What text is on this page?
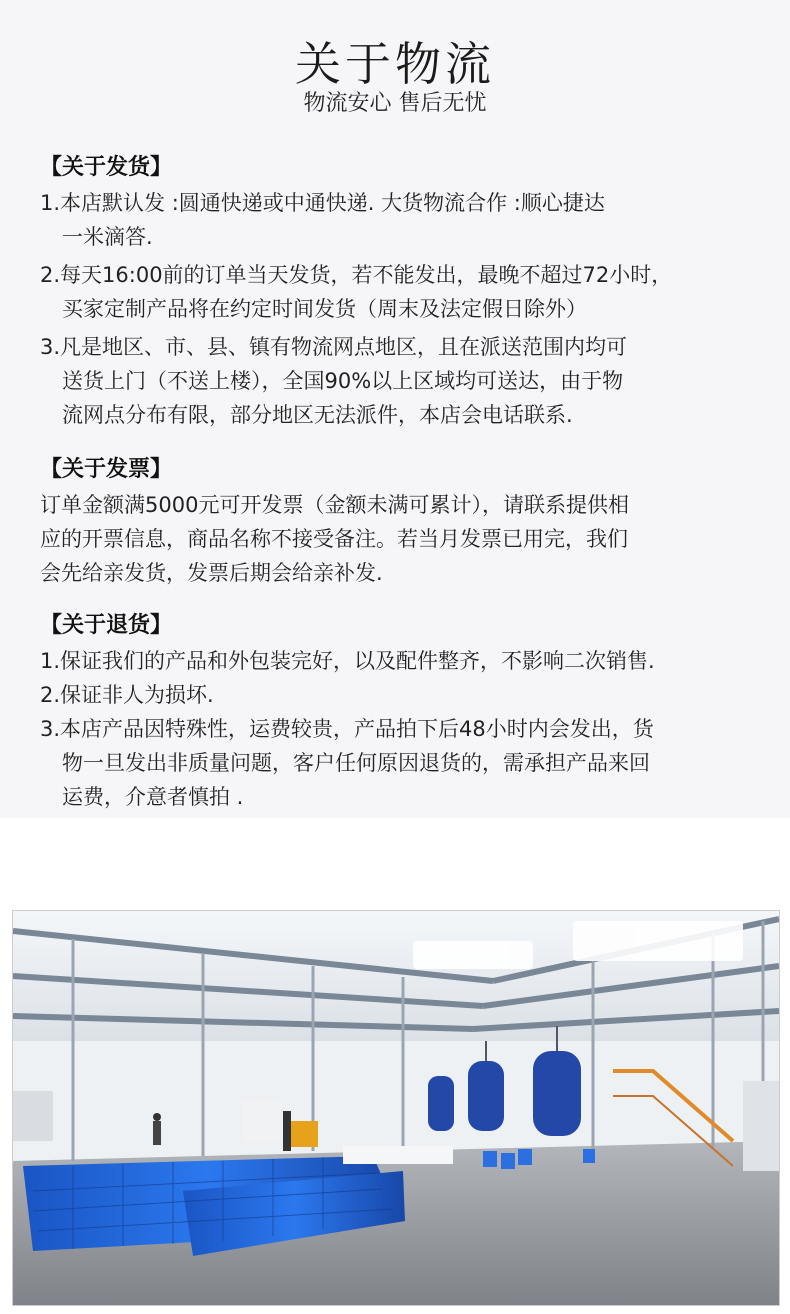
关于物流
物流安心 售后无忧
【关于发货】
1.本店默认发 :圆通快递或中通快递. 大货物流合作 :顺心捷达
一米滴答.
2.每天16:00前的订单当天发货，若不能发出，最晚不超过72小时，
买家定制产品将在约定时间发货（周末及法定假日除外）
3.凡是地区、市、县、镇有物流网点地区，且在派送范围内均可
送货上门（不送上楼），全国90%以上区域均可送达，由于物
流网点分布有限，部分地区无法派件，本店会电话联系.
【关于发票】
订单金额满5000元可开发票（金额未满可累计），请联系提供相
应的开票信息，商品名称不接受备注。若当月发票已用完，我们
会先给亲发货，发票后期会给亲补发.
【关于退货】
1.保证我们的产品和外包装完好，以及配件整齐，不影响二次销售.
2.保证非人为损坏.
3.本店产品因特殊性，运费较贵，产品拍下后48小时内会发出，货
物一旦发出非质量问题，客户任何原因退货的，需承担产品来回
运费，介意者慎拍 .
